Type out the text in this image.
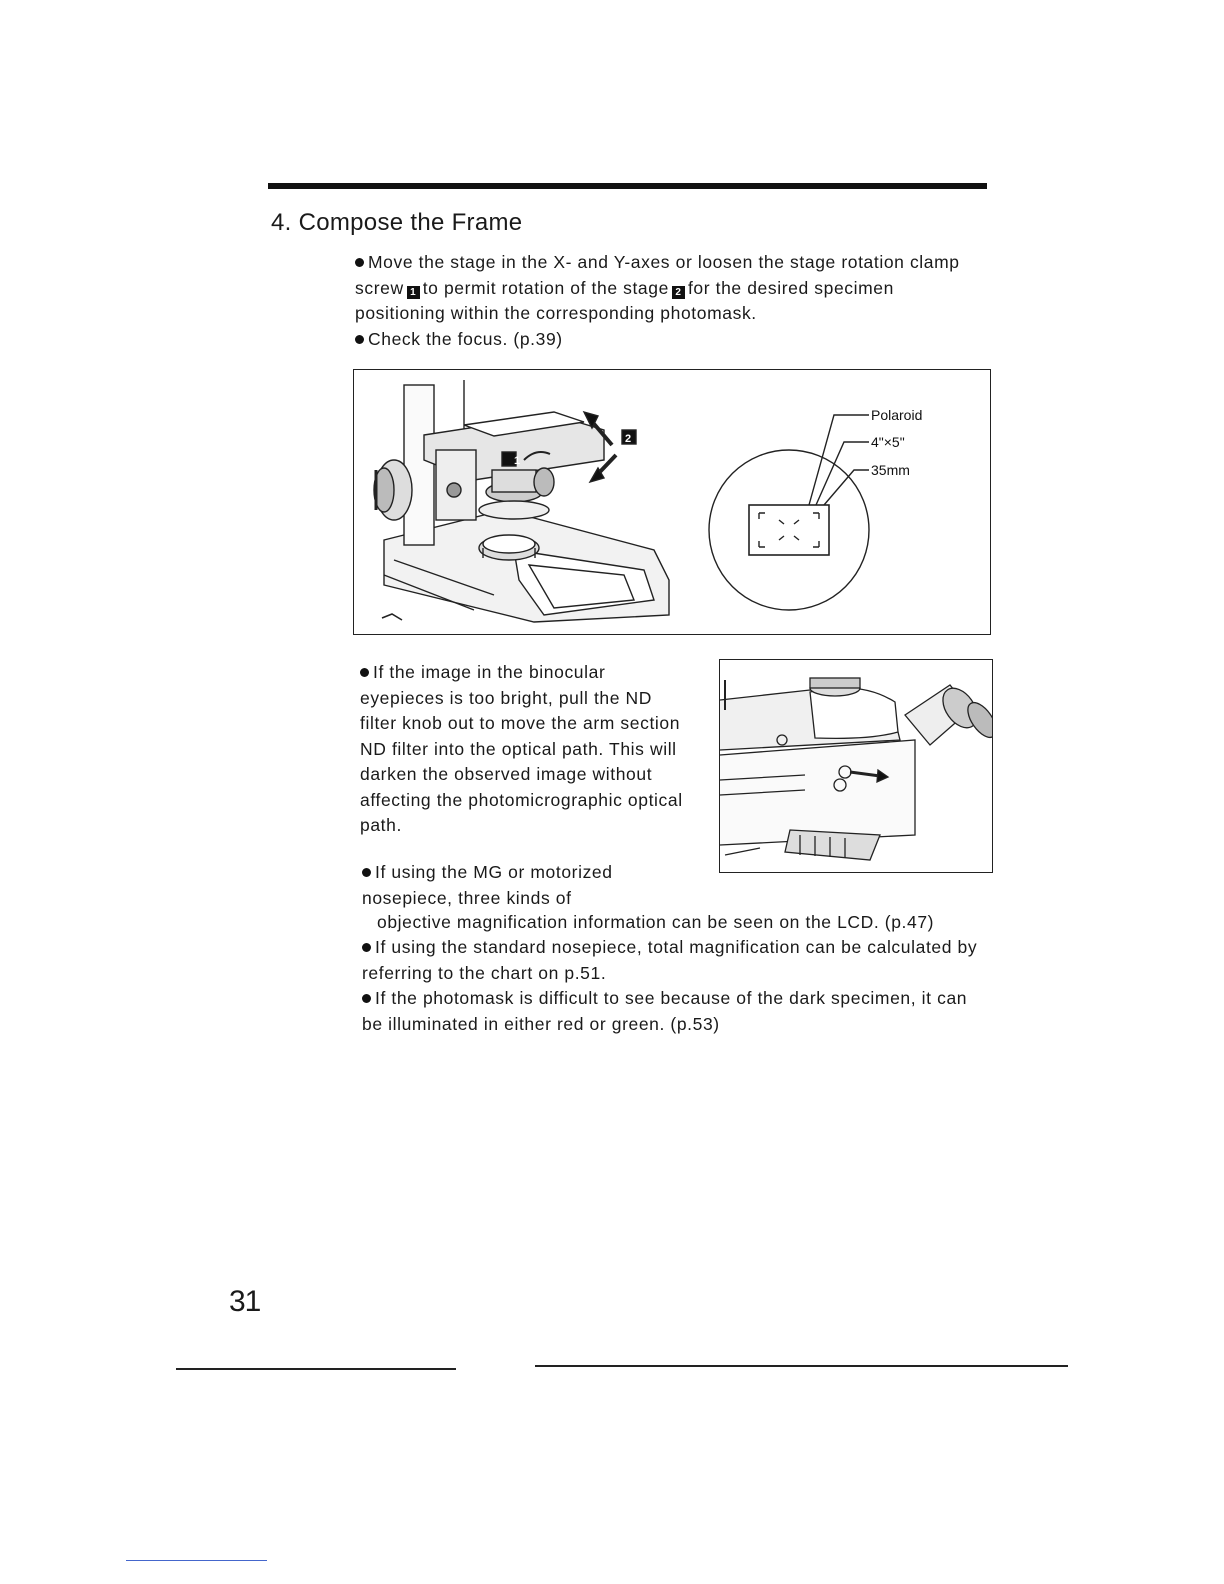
4. Compose the Frame
Move the stage in the X- and Y-axes or loosen the stage rotation clamp screw 1 to permit rotation of the stage 2 for the desired specimen positioning within the corresponding photomask.
Check the focus. (p.39)
1
2
Polaroid
4"×5"
35mm
If the image in the binocular eyepieces is too bright, pull the ND filter knob out to move the arm section ND filter into the optical path. This will darken the observed image without affecting the photomicrographic optical path.
If using the MG or motorized nosepiece, three kinds of
If using the standard nosepiece, total magnification can be calculated by referring to the chart on p.51.
If the photomask is difficult to see because of the dark specimen, it can be illuminated in either red or green. (p.53)
31
objective magnification information can be seen on the LCD. (p.47)
